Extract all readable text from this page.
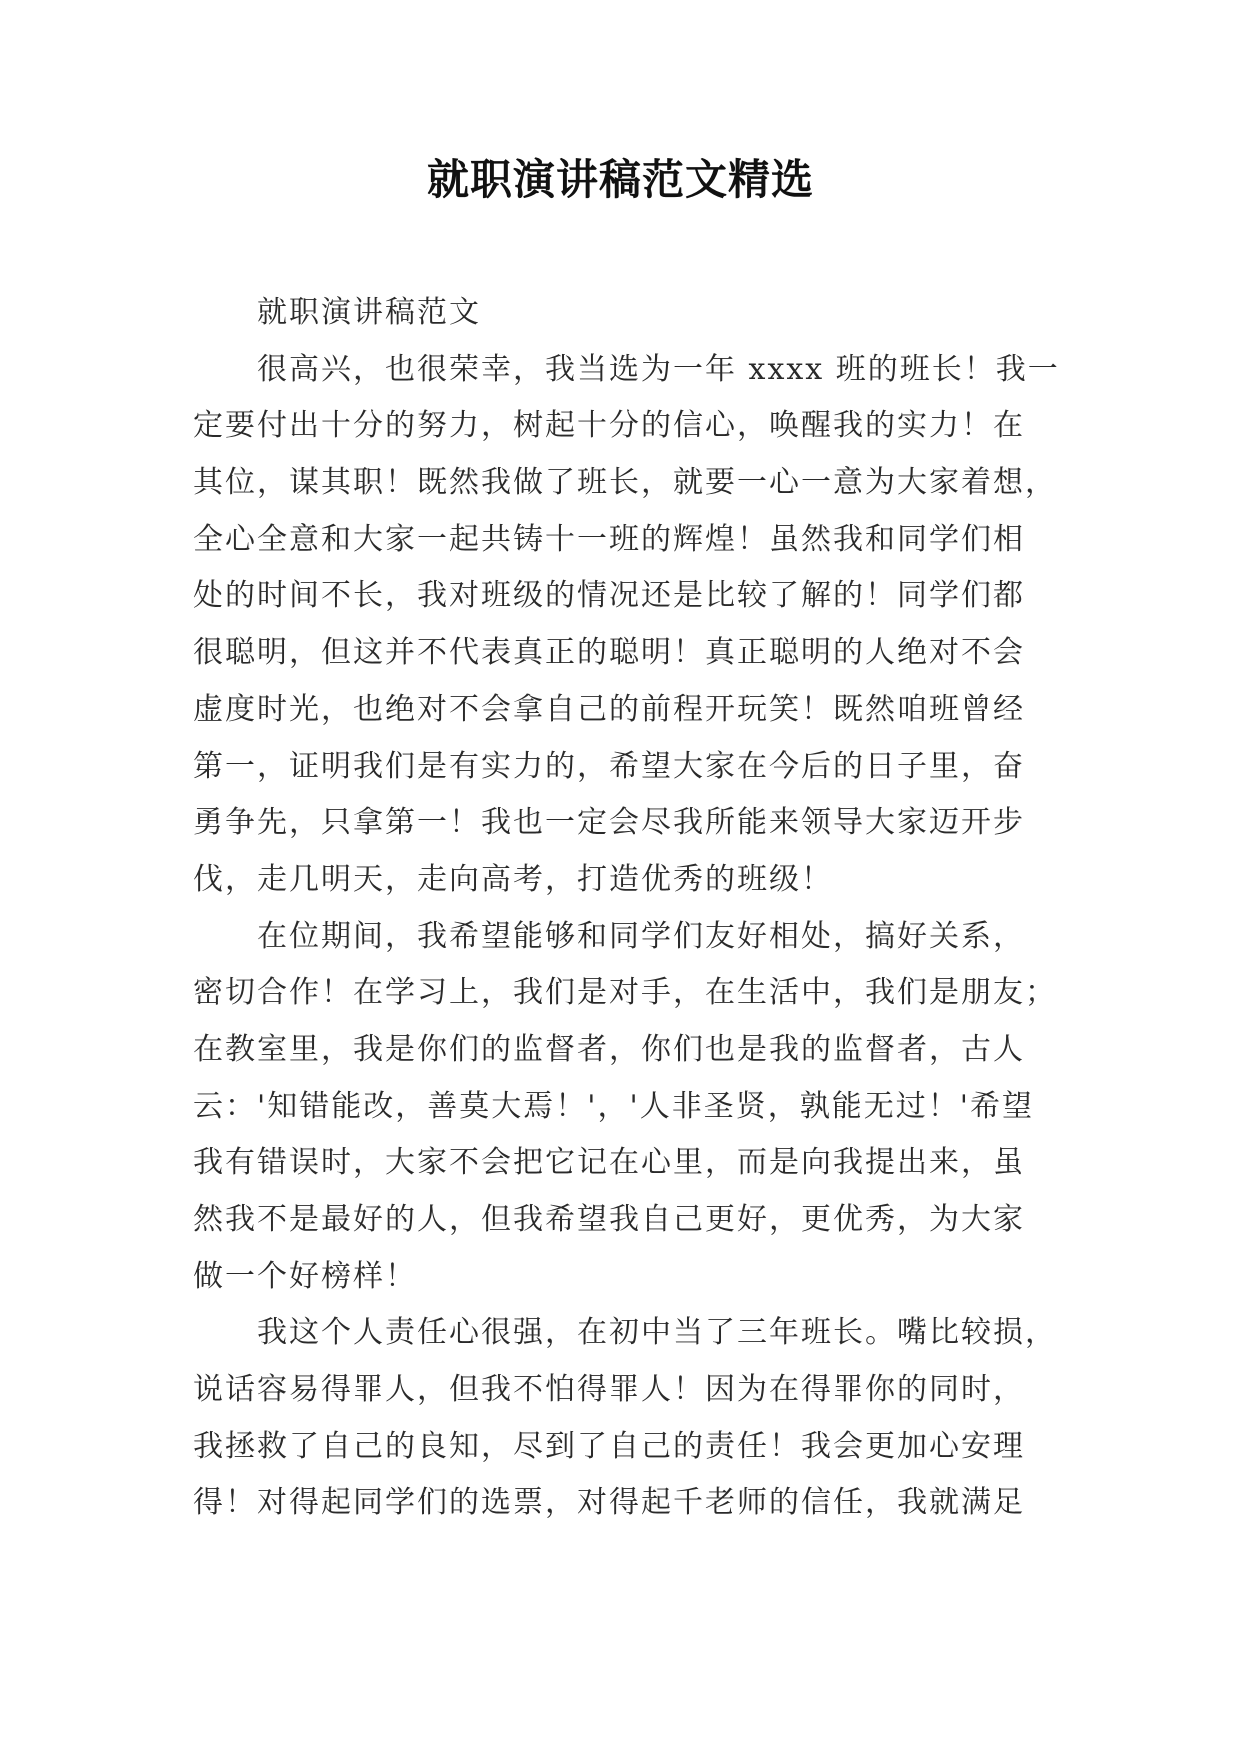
就职演讲稿范文精选
就职演讲稿范文
很高兴，也很荣幸，我当选为一年 xxxx 班的班长！我一
定要付出十分的努力，树起十分的信心，唤醒我的实力！在
其位，谋其职！既然我做了班长，就要一心一意为大家着想，
全心全意和大家一起共铸十一班的辉煌！虽然我和同学们相
处的时间不长，我对班级的情况还是比较了解的！同学们都
很聪明，但这并不代表真正的聪明！真正聪明的人绝对不会
虚度时光，也绝对不会拿自己的前程开玩笑！既然咱班曾经
第一，证明我们是有实力的，希望大家在今后的日子里，奋
勇争先，只拿第一！我也一定会尽我所能来领导大家迈开步
伐，走几明天，走向高考，打造优秀的班级！
在位期间，我希望能够和同学们友好相处，搞好关系，
密切合作！在学习上，我们是对手，在生活中，我们是朋友；
在教室里，我是你们的监督者，你们也是我的监督者，古人
云：'知错能改，善莫大焉！'，'人非圣贤，孰能无过！'希望
我有错误时，大家不会把它记在心里，而是向我提出来，虽
然我不是最好的人，但我希望我自己更好，更优秀，为大家
做一个好榜样！
我这个人责任心很强，在初中当了三年班长。嘴比较损，
说话容易得罪人，但我不怕得罪人！因为在得罪你的同时，
我拯救了自己的良知，尽到了自己的责任！我会更加心安理
得！对得起同学们的选票，对得起千老师的信任，我就满足
